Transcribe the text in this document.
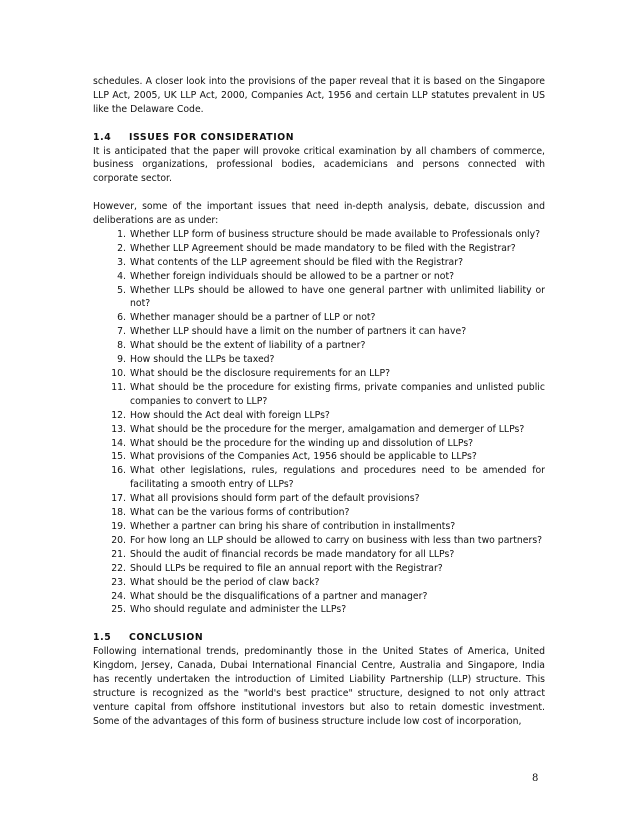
schedules. A closer look into the provisions of the paper reveal that it is based on the Singapore LLP Act, 2005, UK LLP Act, 2000, Companies Act, 1956 and certain LLP statutes prevalent in US like the Delaware Code.

1.4 ISSUES FOR CONSIDERATION

It is anticipated that the paper will provoke critical examination by all chambers of commerce, business organizations, professional bodies, academicians and persons connected with corporate sector.

However, some of the important issues that need in-depth analysis, debate, discussion and deliberations are as under:

1. Whether LLP form of business structure should be made available to Professionals only?
2. Whether LLP Agreement should be made mandatory to be filed with the Registrar?
3. What contents of the LLP agreement should be filed with the Registrar?
4. Whether foreign individuals should be allowed to be a partner or not?
5. Whether LLPs should be allowed to have one general partner with unlimited liability or not?
6. Whether manager should be a partner of LLP or not?
7. Whether LLP should have a limit on the number of partners it can have?
8. What should be the extent of liability of a partner?
9. How should the LLPs be taxed?
10. What should be the disclosure requirements for an LLP?
11. What should be the procedure for existing firms, private companies and unlisted public companies to convert to LLP?
12. How should the Act deal with foreign LLPs?
13. What should be the procedure for the merger, amalgamation and demerger of LLPs?
14. What should be the procedure for the winding up and dissolution of LLPs?
15. What provisions of the Companies Act, 1956 should be applicable to LLPs?
16. What other legislations, rules, regulations and procedures need to be amended for facilitating a smooth entry of LLPs?
17. What all provisions should form part of the default provisions?
18. What can be the various forms of contribution?
19. Whether a partner can bring his share of contribution in installments?
20. For how long an LLP should be allowed to carry on business with less than two partners?
21. Should the audit of financial records be made mandatory for all LLPs?
22. Should LLPs be required to file an annual report with the Registrar?
23. What should be the period of claw back?
24. What should be the disqualifications of a partner and manager?
25. Who should regulate and administer the LLPs?
1.5 CONCLUSION

Following international trends, predominantly those in the United States of America, United Kingdom, Jersey, Canada, Dubai International Financial Centre, Australia and Singapore, India has recently undertaken the introduction of Limited Liability Partnership (LLP) structure. This structure is recognized as the "world's best practice" structure, designed to not only attract venture capital from offshore institutional investors but also to retain domestic investment. Some of the advantages of this form of business structure include low cost of incorporation,

8
